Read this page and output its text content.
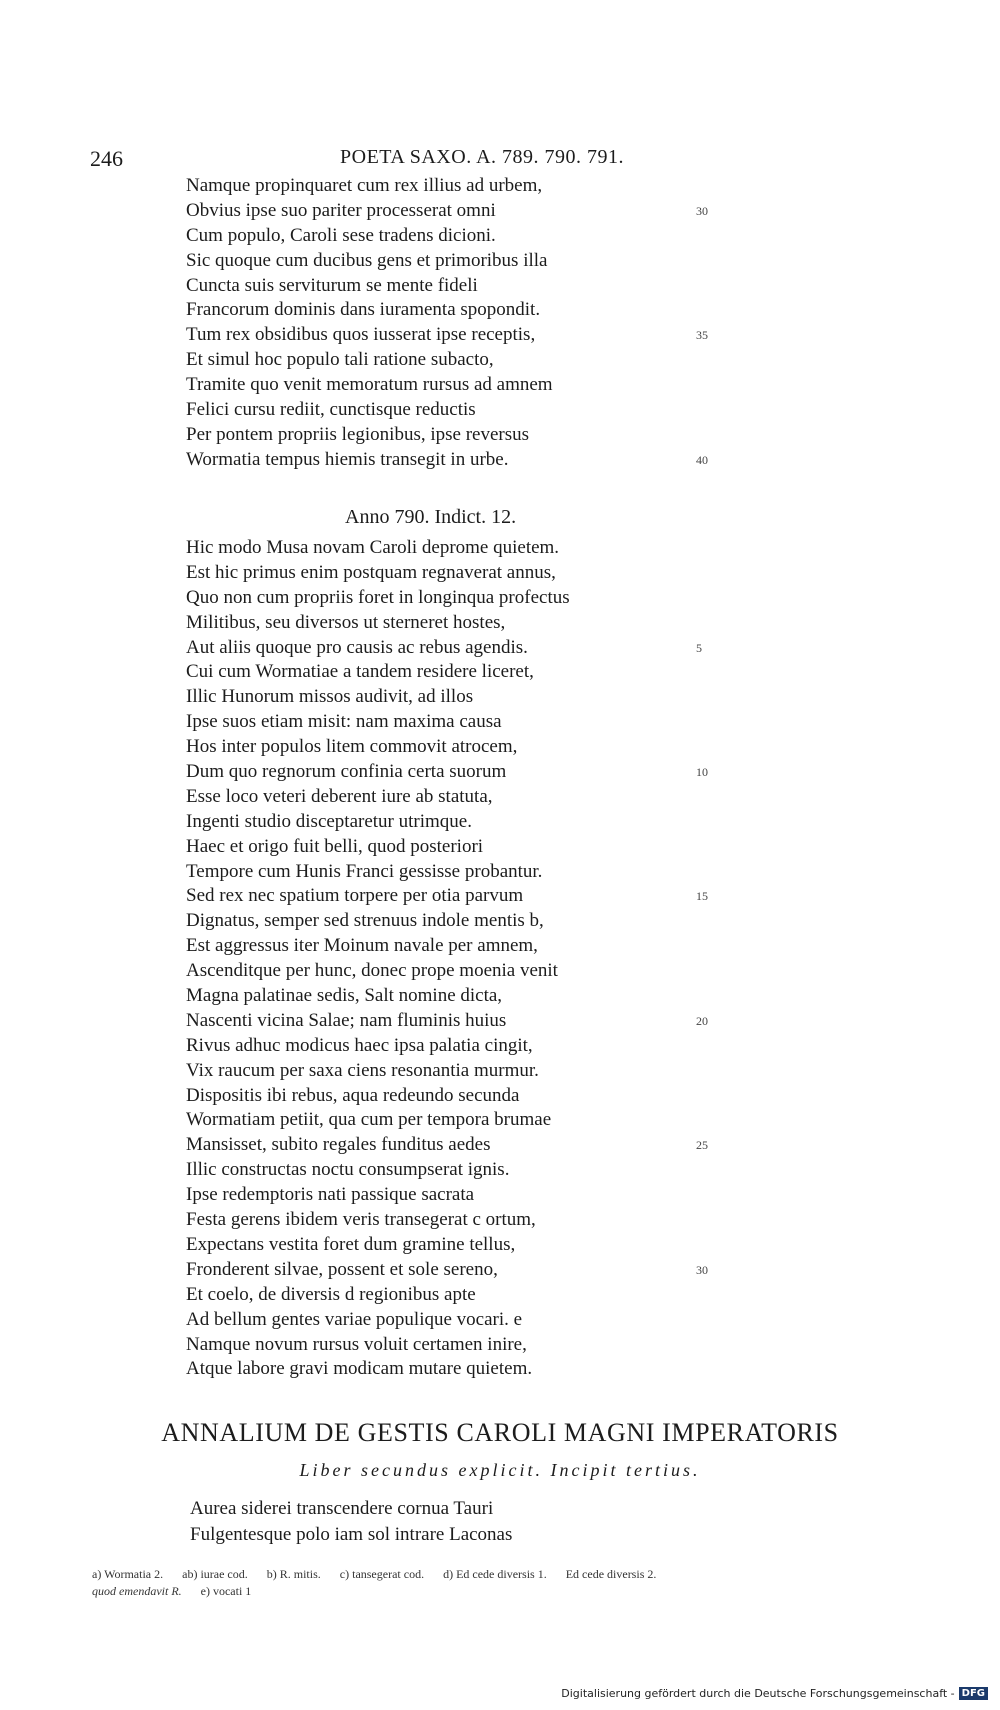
246	POETA SAXO. A. 789. 790. 791.
Namque propinquaret cum rex illius ad urbem,
Obvius ipse suo pariter processerat omni	30
Cum populo, Caroli sese tradens dicioni.
Sic quoque cum ducibus gens et primoribus illa
Cuncta suis serviturum se mente fideli
Francorum dominis dans iuramenta spopondit.
Tum rex obsidibus quos iusserat ipse receptis,	35
Et simul hoc populo tali ratione subacto,
Tramite quo venit memoratum rursus ad amnem
Felici cursu rediit, cunctisque reductis
Per pontem propriis legionibus, ipse reversus
Wormatia tempus hiemis transegit in urbe.	40
Anno 790. Indict. 12.
Hic modo Musa novam Caroli deprome quietem.
Est hic primus enim postquam regnaverat annus,
Quo non cum propriis foret in longinqua profectus
Militibus, seu diversos ut sterneret hostes,
Aut aliis quoque pro causis ac rebus agendis.	5
Cui cum Wormatiae a tandem residere liceret,
Illic Hunorum missos audivit, ad illos
Ipse suos etiam misit: nam maxima causa
Hos inter populos litem commovit atrocem,
Dum quo regnorum confinia certa suorum	10
Esse loco veteri deberent iure ab statuta,
Ingenti studio disceptaretur utrimque.
Haec et origo fuit belli, quod posteriori
Tempore cum Hunis Franci gessisse probantur.
Sed rex nec spatium torpere per otia parvum	15
Dignatus, semper sed strenuus indole mentis b,
Est aggressus iter Moinum navale per amnem,
Ascenditque per hunc, donec prope moenia venit
Magna palatinae sedis, Salt nomine dicta,
Nascenti vicina Salae; nam fluminis huius	20
Rivus adhuc modicus haec ipsa palatia cingit,
Vix raucum per saxa ciens resonantia murmur.
Dispositis ibi rebus, aqua redeundo secunda
Wormatiam petiit, qua cum per tempora brumae
Mansisset, subito regales funditus aedes	25
Illic constructas noctu consumpserat ignis.
Ipse redemptoris nati passique sacrata
Festa gerens ibidem veris transegerat c ortum,
Expectans vestita foret dum gramine tellus,
Fronderent silvae, possent et sole sereno,	30
Et coelo, de diversis d regionibus apte
Ad bellum gentes variae populique vocari. e
Namque novum rursus voluit certamen inire,
Atque labore gravi modicam mutare quietem.
ANNALIUM DE GESTIS CAROLI MAGNI IMPERATORIS
Liber secundus explicit. Incipit tertius.
Aurea siderei transcendere cornua Tauri
Fulgentesque polo iam sol intrare Laconas
a) Wormatia 2. ab) iurae cod. b) R. mitis. c) tansegerat cod. d) Ed cede diversis 1. Ed cede diversis 2.
quod emendavit R. e) vocati 1
Digitalisierung gefördert durch die Deutsche Forschungsgemeinschaft - DFG
